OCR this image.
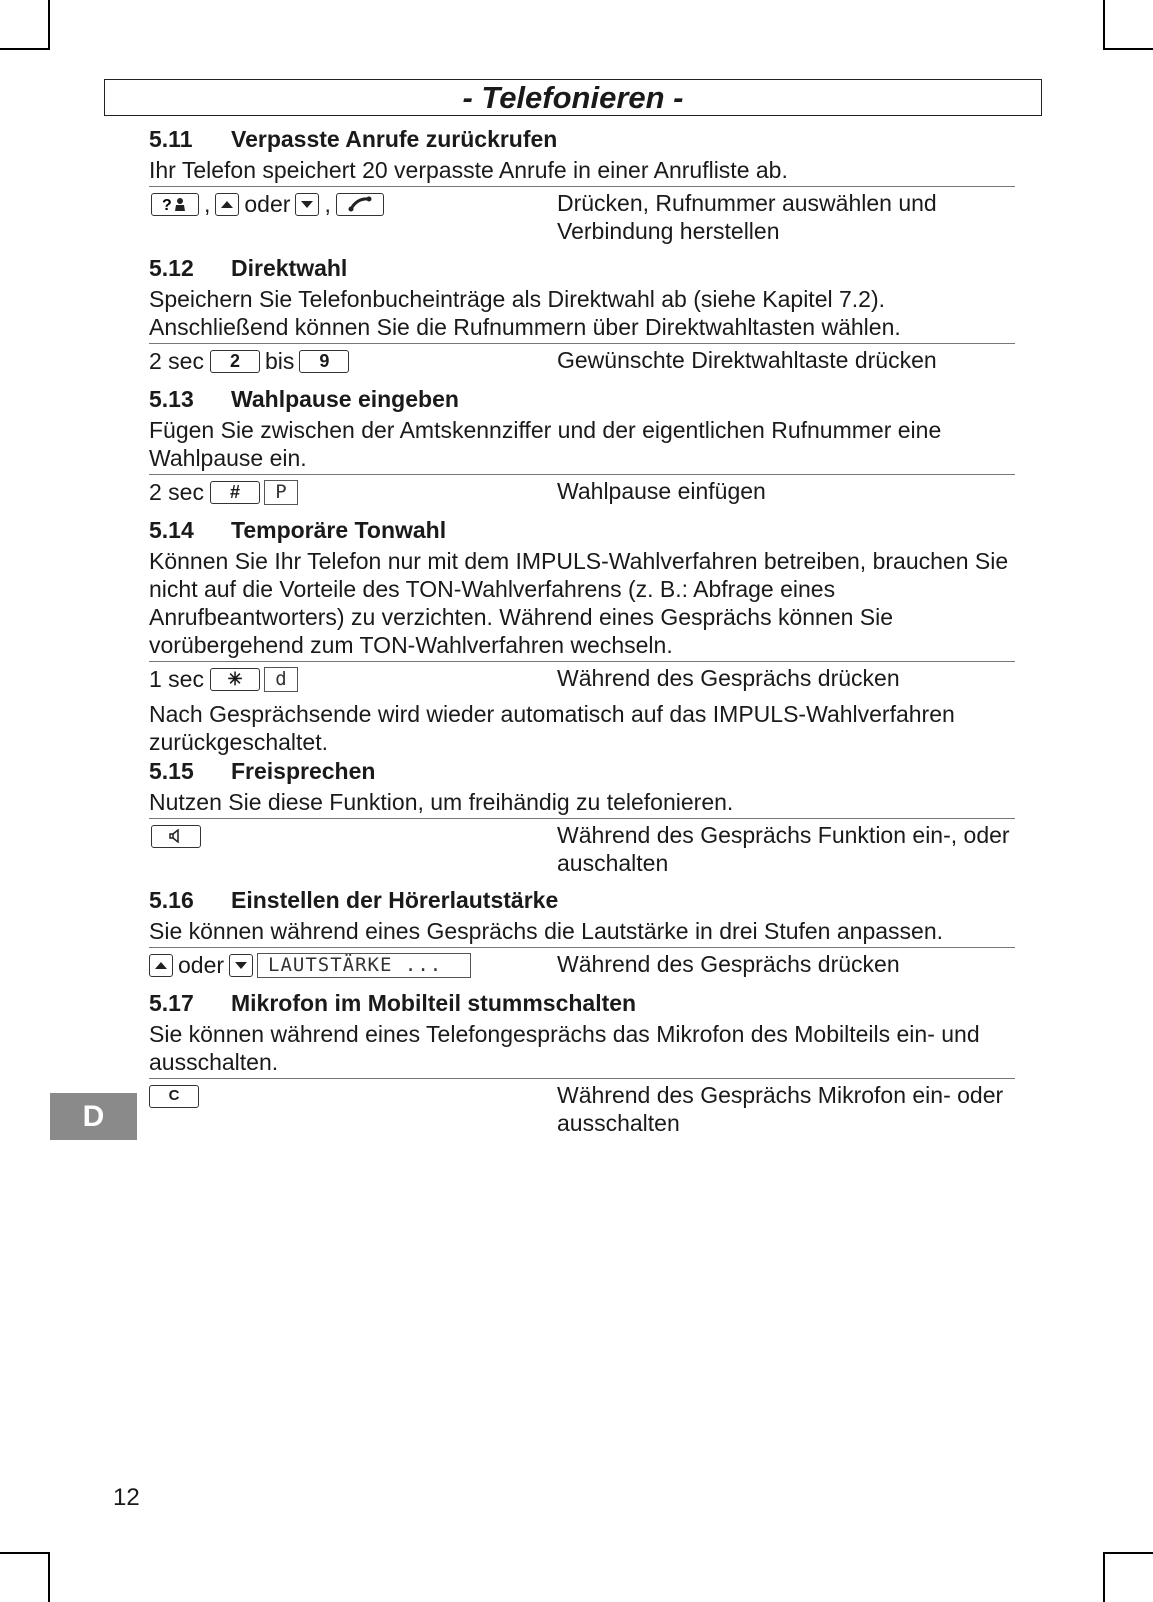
- Telefonieren -
5.11 Verpasste Anrufe zurückrufen
Ihr Telefon speichert 20 verpasste Anrufe in einer Anrufliste ab.
? , oder ,	Drücken, Rufnummer auswählen und Verbindung herstellen
5.12 Direktwahl
Speichern Sie Telefonbucheinträge als Direktwahl ab (siehe Kapitel 7.2). Anschließend können Sie die Rufnummern über Direktwahltasten wählen.
2 sec	2	bis	9	Gewünschte Direktwahltaste drücken
5.13 Wahlpause eingeben
Fügen Sie zwischen der Amtskennziffer und der eigentlichen Rufnummer eine Wahlpause ein.
2 sec	#	P	Wahlpause einfügen
5.14 Temporäre Tonwahl
Können Sie Ihr Telefon nur mit dem IMPULS-Wahlverfahren betreiben, brauchen Sie nicht auf die Vorteile des TON-Wahlverfahrens (z. B.: Abfrage eines Anrufbeantworters) zu verzichten. Während eines Gesprächs können Sie vorübergehend zum TON-Wahlverfahren wechseln.
1 sec	✳	d	Während des Gesprächs drücken
Nach Gesprächsende wird wieder automatisch auf das IMPULS-Wahlverfahren zurückgeschaltet.
5.15 Freisprechen
Nutzen Sie diese Funktion, um freihändig zu telefonieren.
Während des Gesprächs Funktion ein-, oder auschalten
5.16 Einstellen der Hörerlautstärke
Sie können während eines Gesprächs die Lautstärke in drei Stufen anpassen.
oder	LAUTSTÄRKE ...	Während des Gesprächs drücken
5.17 Mikrofon im Mobilteil stummschalten
Sie können während eines Telefongesprächs das Mikrofon des Mobilteils ein- und ausschalten.
C	Während des Gesprächs Mikrofon ein- oder ausschalten
D
12
